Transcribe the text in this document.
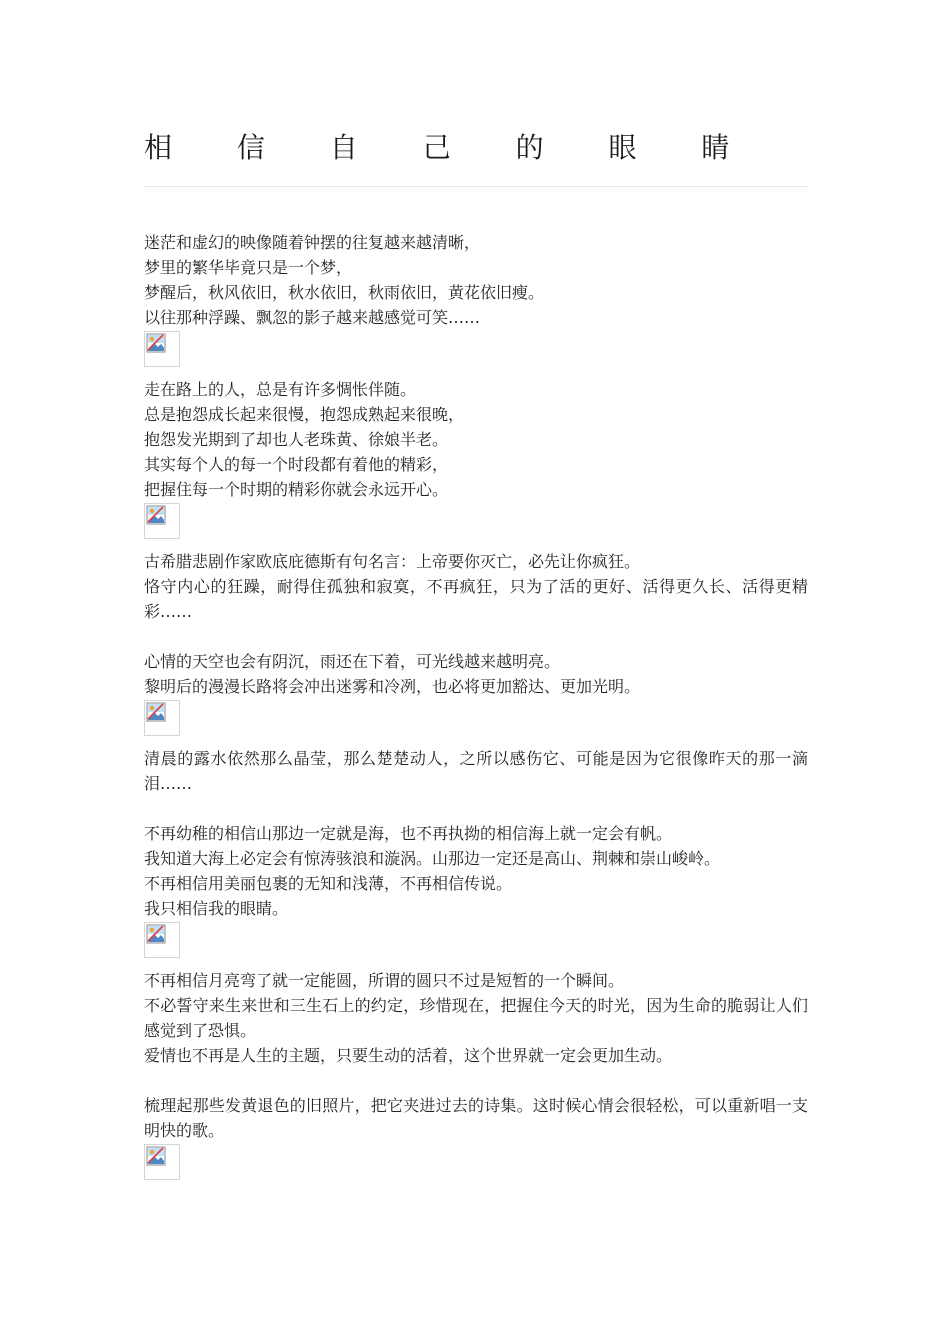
相 信 自 己 的 眼 睛
迷茫和虚幻的映像随着钟摆的往复越来越清晰，
梦里的繁华毕竟只是一个梦，
梦醒后，秋风依旧，秋水依旧，秋雨依旧，黄花依旧瘦。
以往那种浮躁、飘忽的影子越来越感觉可笑……
走在路上的人，总是有许多惆怅伴随。
总是抱怨成长起来很慢，抱怨成熟起来很晚，
抱怨发光期到了却也人老珠黄、徐娘半老。
其实每个人的每一个时段都有着他的精彩，
把握住每一个时期的精彩你就会永远开心。
古希腊悲剧作家欧底庇德斯有句名言：上帝要你灭亡，必先让你疯狂。
恪守内心的狂躁，耐得住孤独和寂寞，不再疯狂，只为了活的更好、活得更久长、活得更精彩……
心情的天空也会有阴沉，雨还在下着，可光线越来越明亮。
黎明后的漫漫长路将会冲出迷雾和冷冽，也必将更加豁达、更加光明。
清晨的露水依然那么晶莹，那么楚楚动人，之所以感伤它、可能是因为它很像昨天的那一滴泪……
不再幼稚的相信山那边一定就是海，也不再执拗的相信海上就一定会有帆。
我知道大海上必定会有惊涛骇浪和漩涡。山那边一定还是高山、荆棘和崇山峻岭。
不再相信用美丽包裹的无知和浅薄，不再相信传说。
我只相信我的眼睛。
不再相信月亮弯了就一定能圆，所谓的圆只不过是短暂的一个瞬间。
不必誓守来生来世和三生石上的约定，珍惜现在，把握住今天的时光，因为生命的脆弱让人们感觉到了恐惧。
爱情也不再是人生的主题，只要生动的活着，这个世界就一定会更加生动。
梳理起那些发黄退色的旧照片，把它夹进过去的诗集。这时候心情会很轻松，可以重新唱一支明快的歌。
